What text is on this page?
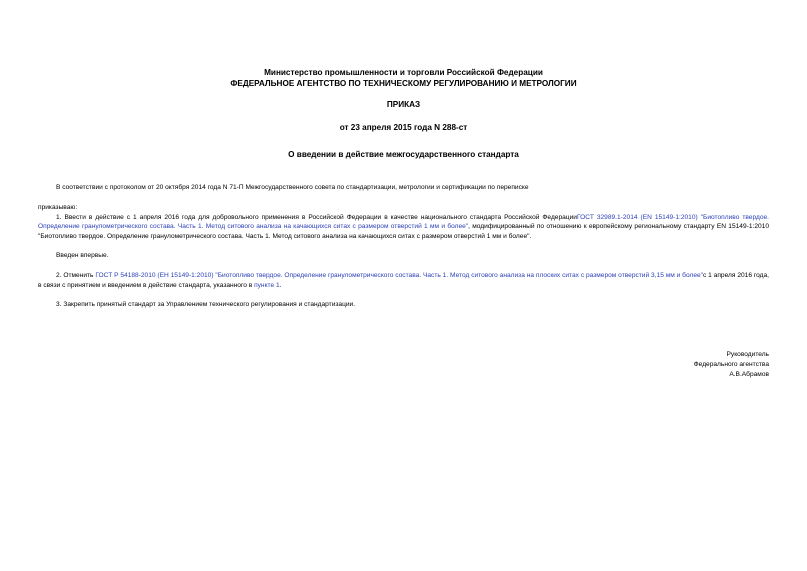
Министерство промышленности и торговли Российской Федерации
ФЕДЕРАЛЬНОЕ АГЕНТСТВО ПО ТЕХНИЧЕСКОМУ РЕГУЛИРОВАНИЮ И МЕТРОЛОГИИ
ПРИКАЗ
от 23 апреля 2015 года N 288-ст
О введении в действие межгосударственного стандарта
В соответствии с протоколом от 20 октября 2014 года N 71-П Межгосударственного совета по стандартизации, метрологии и сертификации по переписке
приказываю:
1. Ввести в действие с 1 апреля 2016 года для добровольного применения в Российской Федерации в качестве национального стандарта Российской ФедерацииГОСТ 32989.1-2014 (EN 15149-1:2010) "Биотопливо твердое. Определение гранулометрического состава. Часть 1. Метод ситового анализа на качающихся ситах с размером отверстий 1 мм и более", модифицированный по отношению к европейскому региональному стандарту EN 15149-1:2010 "Биотопливо твердое. Определение гранулометрического состава. Часть 1. Метод ситового анализа на качающихся ситах с размером отверстий 1 мм и более".
Введен впервые.
2. Отменить ГОСТ Р 54188-2010 (ЕН 15149-1:2010) "Биотопливо твердое. Определение гранулометрического состава. Часть 1. Метод ситового анализа на плоских ситах с размером отверстий 3,15 мм и более"с 1 апреля 2016 года, в связи с принятием и введением в действие стандарта, указанного в пункте 1.
3. Закрепить принятый стандарт за Управлением технического регулирования и стандартизации.
Руководитель
Федерального агентства
А.В.Абрамов
